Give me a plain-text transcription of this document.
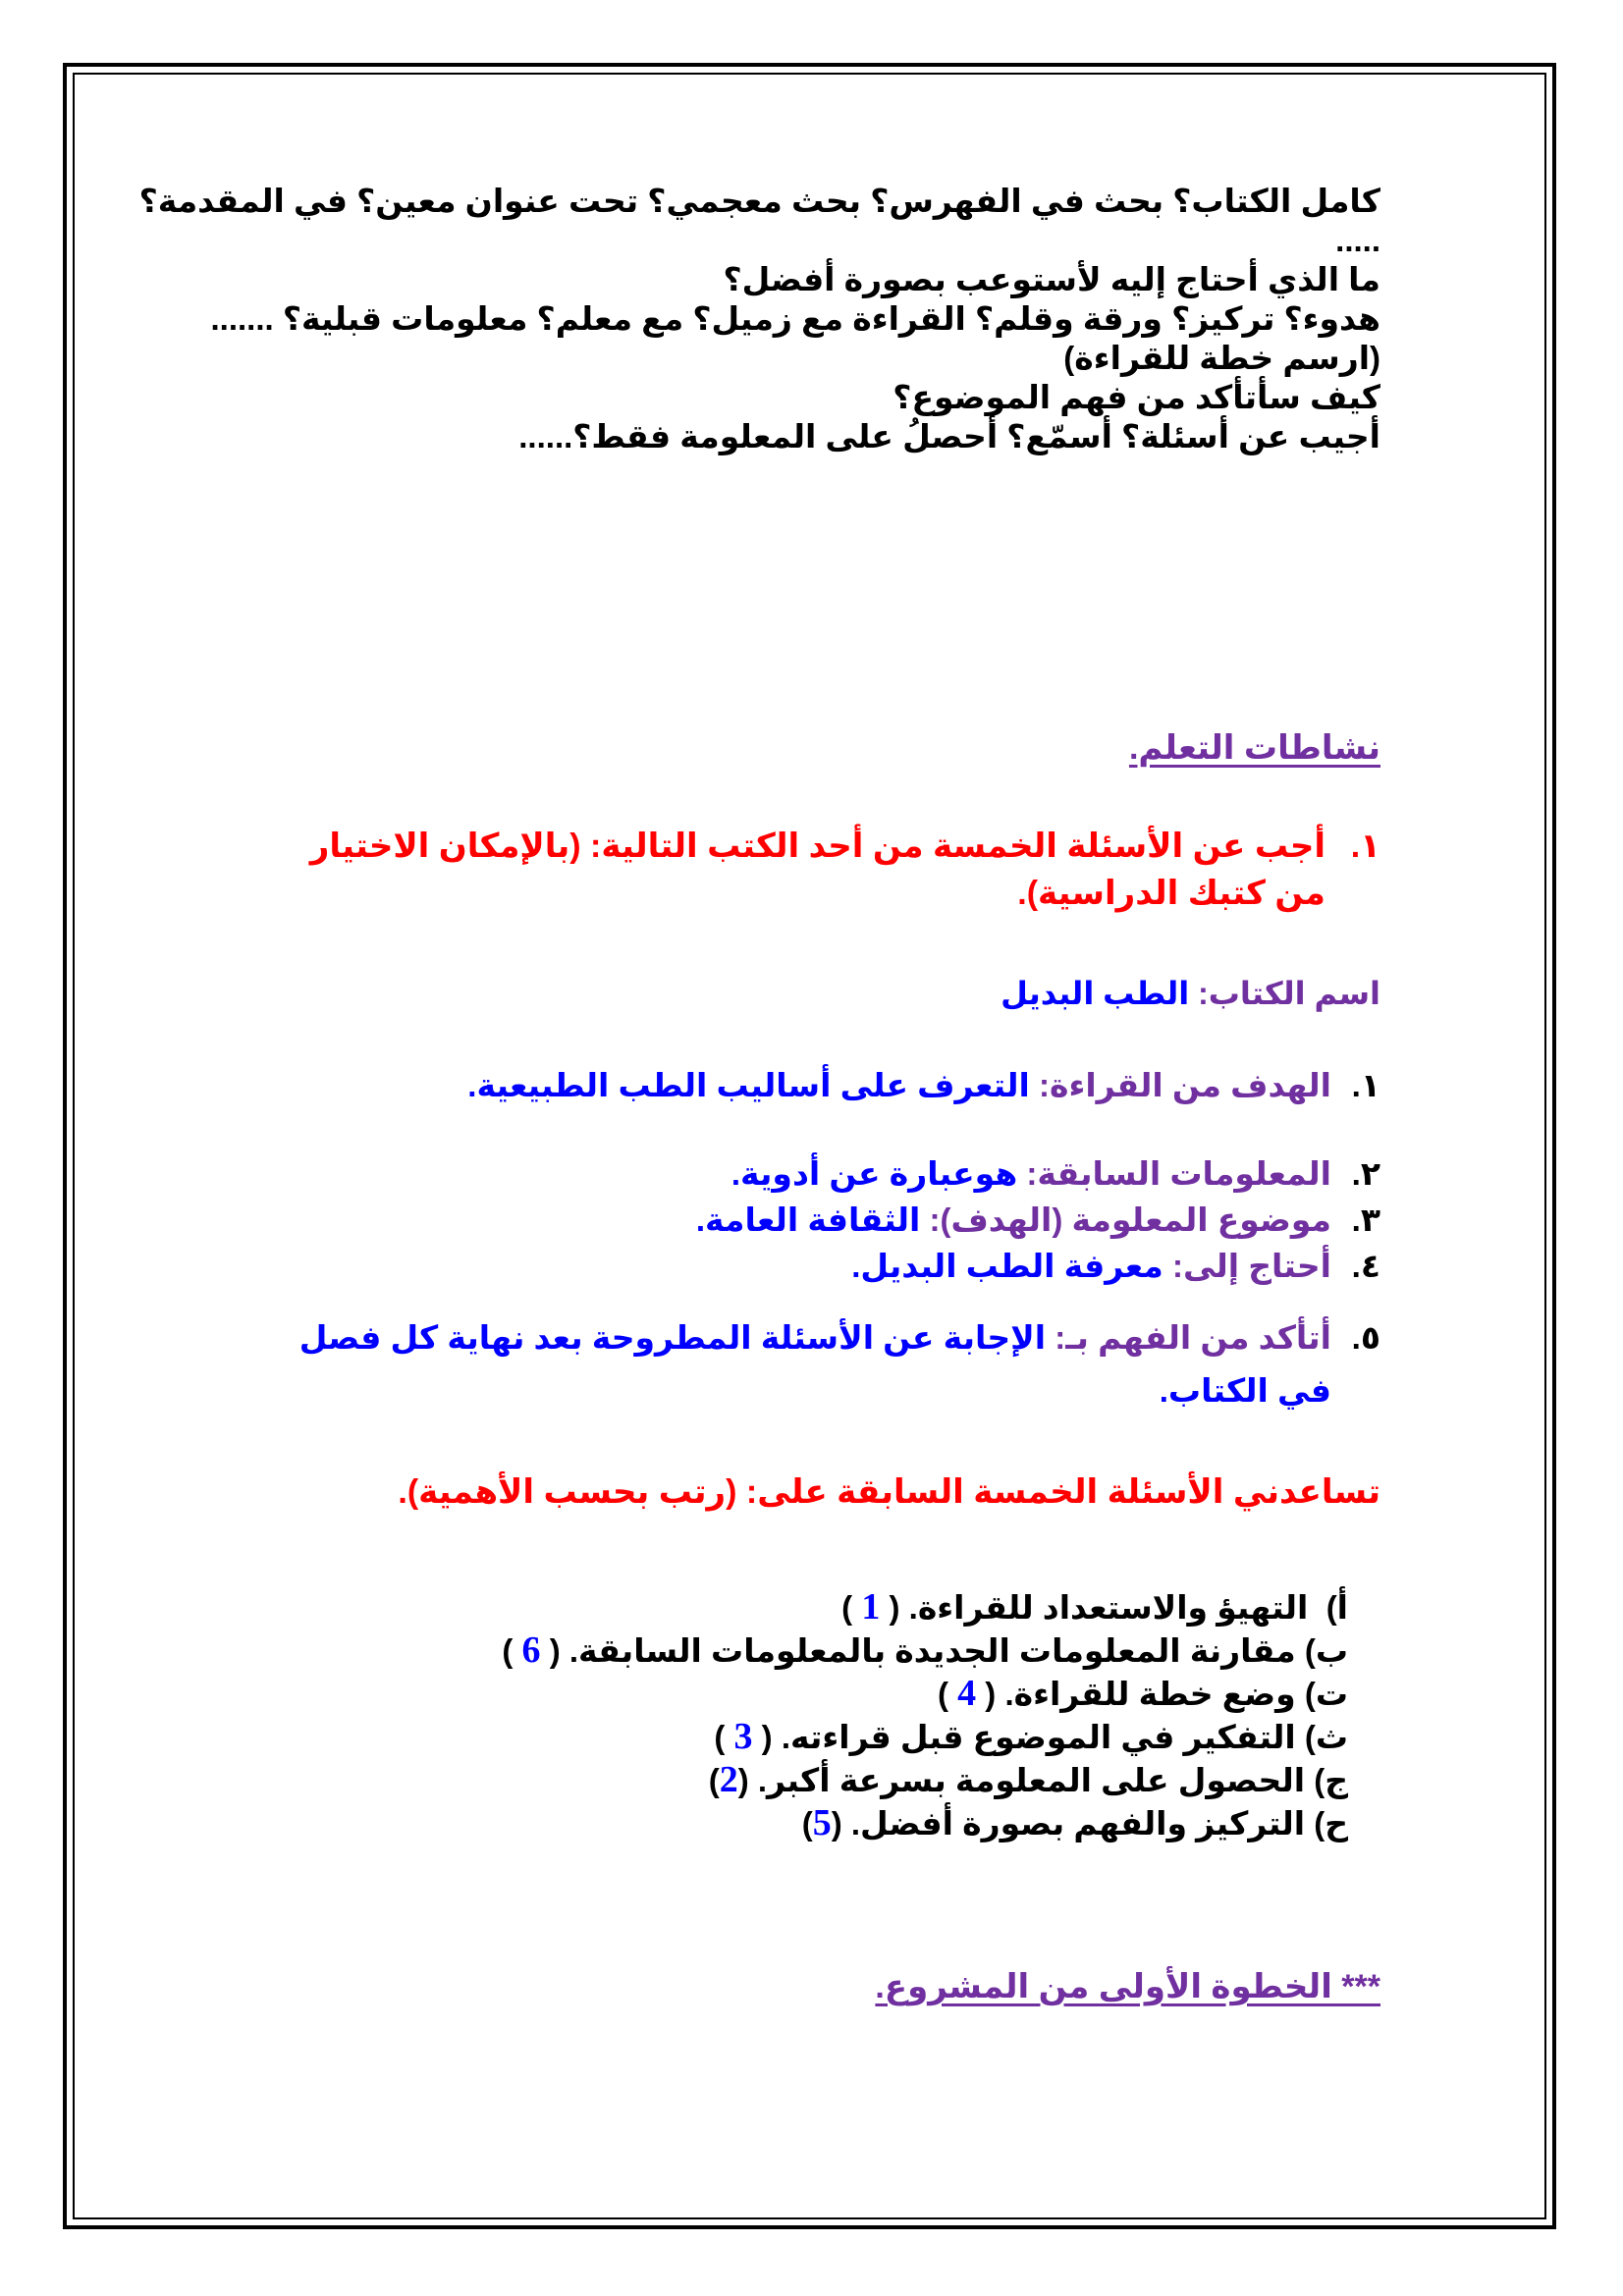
كامل الكتاب؟ بحث في الفهرس؟ بحث معجمي؟ تحت عنوان معين؟ في المقدمة؟
.....
ما الذي أحتاج إليه لأستوعب بصورة أفضل؟
هدوء؟ تركيز؟ ورقة وقلم؟ القراءة مع زميل؟ مع معلم؟ معلومات قبلية؟ .......
(ارسم خطة للقراءة)
كيف سأتأكد من فهم الموضوع؟
أجيب عن أسئلة؟ أسمّع؟ أحصلُ على المعلومة فقط؟......
نشاطات التعلم.
١.
أجب عن الأسئلة الخمسة من أحد الكتب التالية: (بالإمكان الاختيار من كتبك الدراسية).
اسم الكتاب: الطب البديل
١.الهدف من القراءة: التعرف على أساليب الطب الطبيعية.
٢.المعلومات السابقة: هوعبارة عن أدوية.
٣.موضوع المعلومة (الهدف): الثقافة العامة.
٤.أحتاج إلى: معرفة الطب البديل.
٥.
أتأكد من الفهم بـ: الإجابة عن الأسئلة المطروحة بعد نهاية كل فصل في الكتاب.
تساعدني الأسئلة الخمسة السابقة على: (رتب بحسب الأهمية).
أ)  التهيؤ والاستعداد للقراءة. ( 1 )
ب) مقارنة المعلومات الجديدة بالمعلومات السابقة. ( 6 )
ت) وضع خطة للقراءة. ( 4 )
ث) التفكير في الموضوع قبل قراءته. ( 3 )
ج) الحصول على المعلومة بسرعة أكبر. (2)
ح) التركيز والفهم بصورة أفضل. (5)
*** الخطوة الأولى من المشروع.
